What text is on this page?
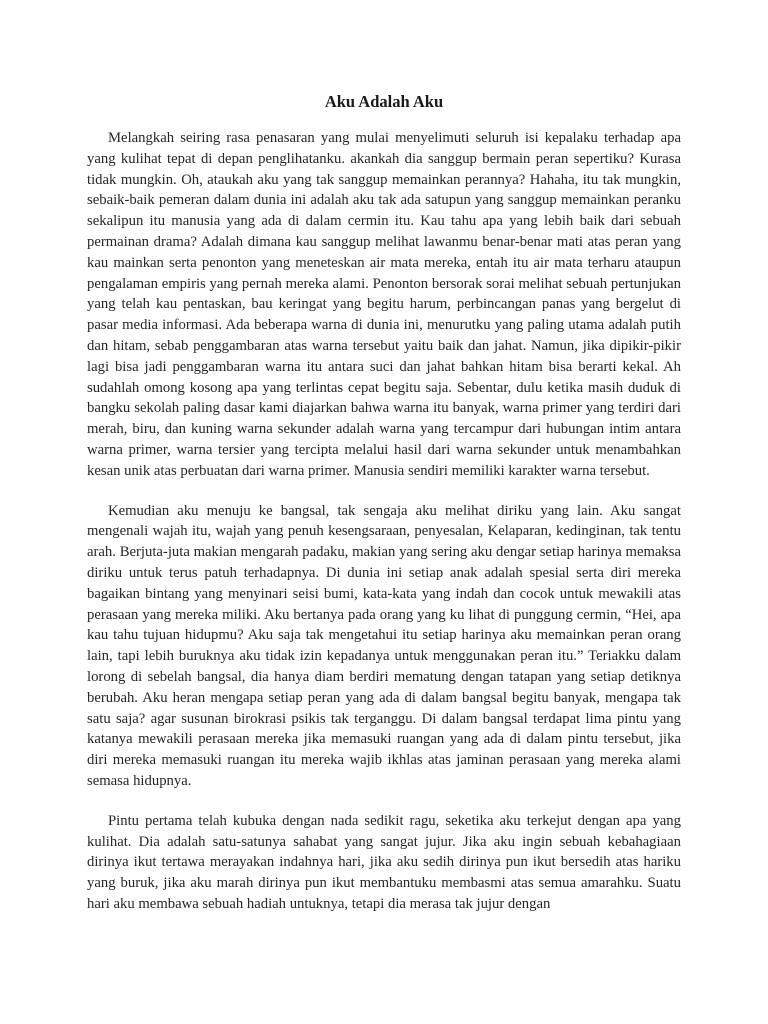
Aku Adalah Aku

Melangkah seiring rasa penasaran yang mulai menyelimuti seluruh isi kepalaku terhadap apa yang kulihat tepat di depan penglihatanku. akankah dia sanggup bermain peran sepertiku? Kurasa tidak mungkin. Oh, ataukah aku yang tak sanggup memainkan perannya? Hahaha, itu tak mungkin, sebaik-baik pemeran dalam dunia ini adalah aku tak ada satupun yang sanggup memainkan peranku sekalipun itu manusia yang ada di dalam cermin itu. Kau tahu apa yang lebih baik dari sebuah permainan drama? Adalah dimana kau sanggup melihat lawanmu benar-benar mati atas peran yang kau mainkan serta penonton yang meneteskan air mata mereka, entah itu air mata terharu ataupun pengalaman empiris yang pernah mereka alami. Penonton bersorak sorai melihat sebuah pertunjukan yang telah kau pentaskan, bau keringat yang begitu harum, perbincangan panas yang bergelut di pasar media informasi. Ada beberapa warna di dunia ini, menurutku yang paling utama adalah putih dan hitam, sebab penggambaran atas warna tersebut yaitu baik dan jahat. Namun, jika dipikir-pikir lagi bisa jadi penggambaran warna itu antara suci dan jahat bahkan hitam bisa berarti kekal. Ah sudahlah omong kosong apa yang terlintas cepat begitu saja. Sebentar, dulu ketika masih duduk di bangku sekolah paling dasar kami diajarkan bahwa warna itu banyak, warna primer yang terdiri dari merah, biru, dan kuning warna sekunder adalah warna yang tercampur dari hubungan intim antara warna primer, warna tersier yang tercipta melalui hasil dari warna sekunder untuk menambahkan kesan unik atas perbuatan dari warna primer. Manusia sendiri memiliki karakter warna tersebut.

Kemudian aku menuju ke bangsal, tak sengaja aku melihat diriku yang lain. Aku sangat mengenali wajah itu, wajah yang penuh kesengsaraan, penyesalan, Kelaparan, kedinginan, tak tentu arah. Berjuta-juta makian mengarah padaku, makian yang sering aku dengar setiap harinya memaksa diriku untuk terus patuh terhadapnya. Di dunia ini setiap anak adalah spesial serta diri mereka bagaikan bintang yang menyinari seisi bumi, kata-kata yang indah dan cocok untuk mewakili atas perasaan yang mereka miliki. Aku bertanya pada orang yang ku lihat di punggung cermin, “Hei, apa kau tahu tujuan hidupmu? Aku saja tak mengetahui itu setiap harinya aku memainkan peran orang lain, tapi lebih buruknya aku tidak izin kepadanya untuk menggunakan peran itu.” Teriakku dalam lorong di sebelah bangsal, dia hanya diam berdiri mematung dengan tatapan yang setiap detiknya berubah. Aku heran mengapa setiap peran yang ada di dalam bangsal begitu banyak, mengapa tak satu saja? agar susunan birokrasi psikis tak terganggu. Di dalam bangsal terdapat lima pintu yang katanya mewakili perasaan mereka jika memasuki ruangan yang ada di dalam pintu tersebut, jika diri mereka memasuki ruangan itu mereka wajib ikhlas atas jaminan perasaan yang mereka alami semasa hidupnya.

Pintu pertama telah kubuka dengan nada sedikit ragu, seketika aku terkejut dengan apa yang kulihat. Dia adalah satu-satunya sahabat yang sangat jujur. Jika aku ingin sebuah kebahagiaan dirinya ikut tertawa merayakan indahnya hari, jika aku sedih dirinya pun ikut bersedih atas hariku yang buruk, jika aku marah dirinya pun ikut membantuku membasmi atas semua amarahku. Suatu hari aku membawa sebuah hadiah untuknya, tetapi dia merasa tak jujur dengan
